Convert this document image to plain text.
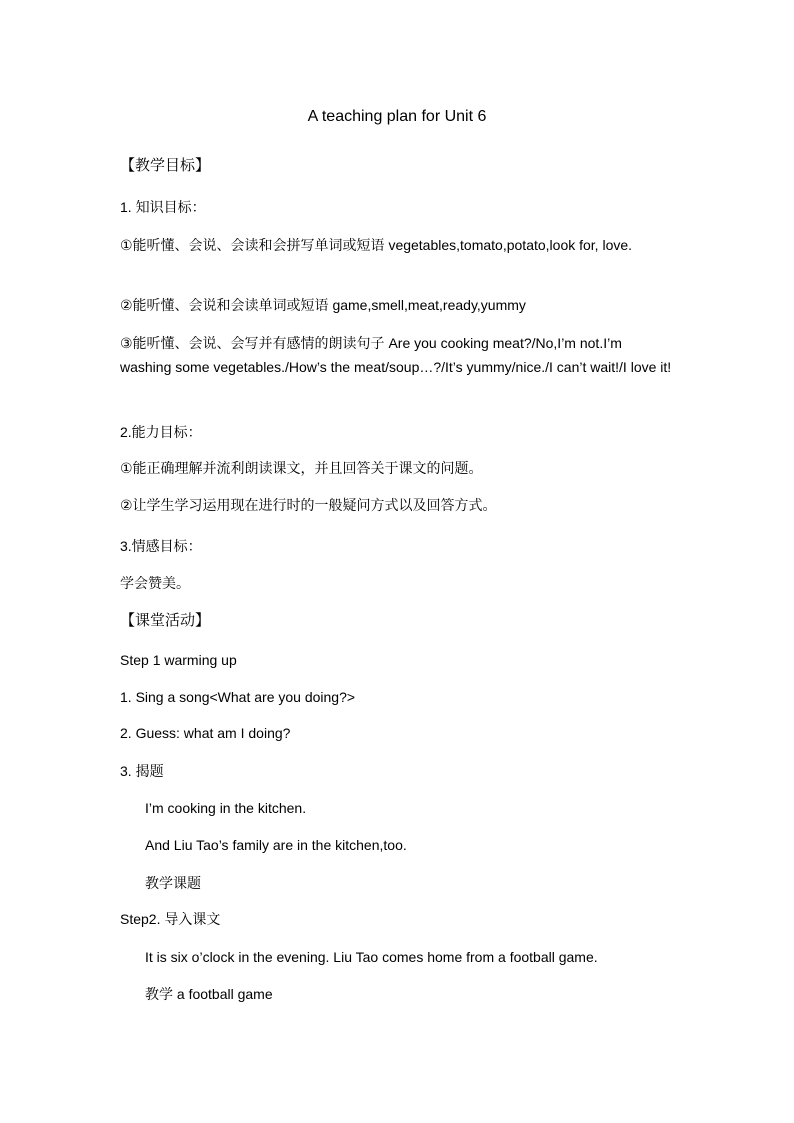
A teaching plan for Unit 6
【教学目标】
1. 知识目标：
①能听懂、会说、会读和会拼写单词或短语 vegetables,tomato,potato,look for, love.
②能听懂、会说和会读单词或短语 game,smell,meat,ready,yummy
③能听懂、会说、会写并有感情的朗读句子 Are you cooking meat?/No,I’m not.I’m washing some vegetables./How’s the meat/soup…?/It’s yummy/nice./I can’t wait!/I love it!
2.能力目标：
①能正确理解并流利朗读课文，并且回答关于课文的问题。
②让学生学习运用现在进行时的一般疑问方式以及回答方式。
3.情感目标：
学会赞美。
【课堂活动】
Step 1 warming up
1. Sing a song<What are you doing?>
2. Guess: what am I doing?
3. 揭题
I’m cooking in the kitchen.
And Liu Tao’s family are in the kitchen,too.
教学课题
Step2. 导入课文
It is six o’clock in the evening. Liu Tao comes home from a football game.
教学 a football game
